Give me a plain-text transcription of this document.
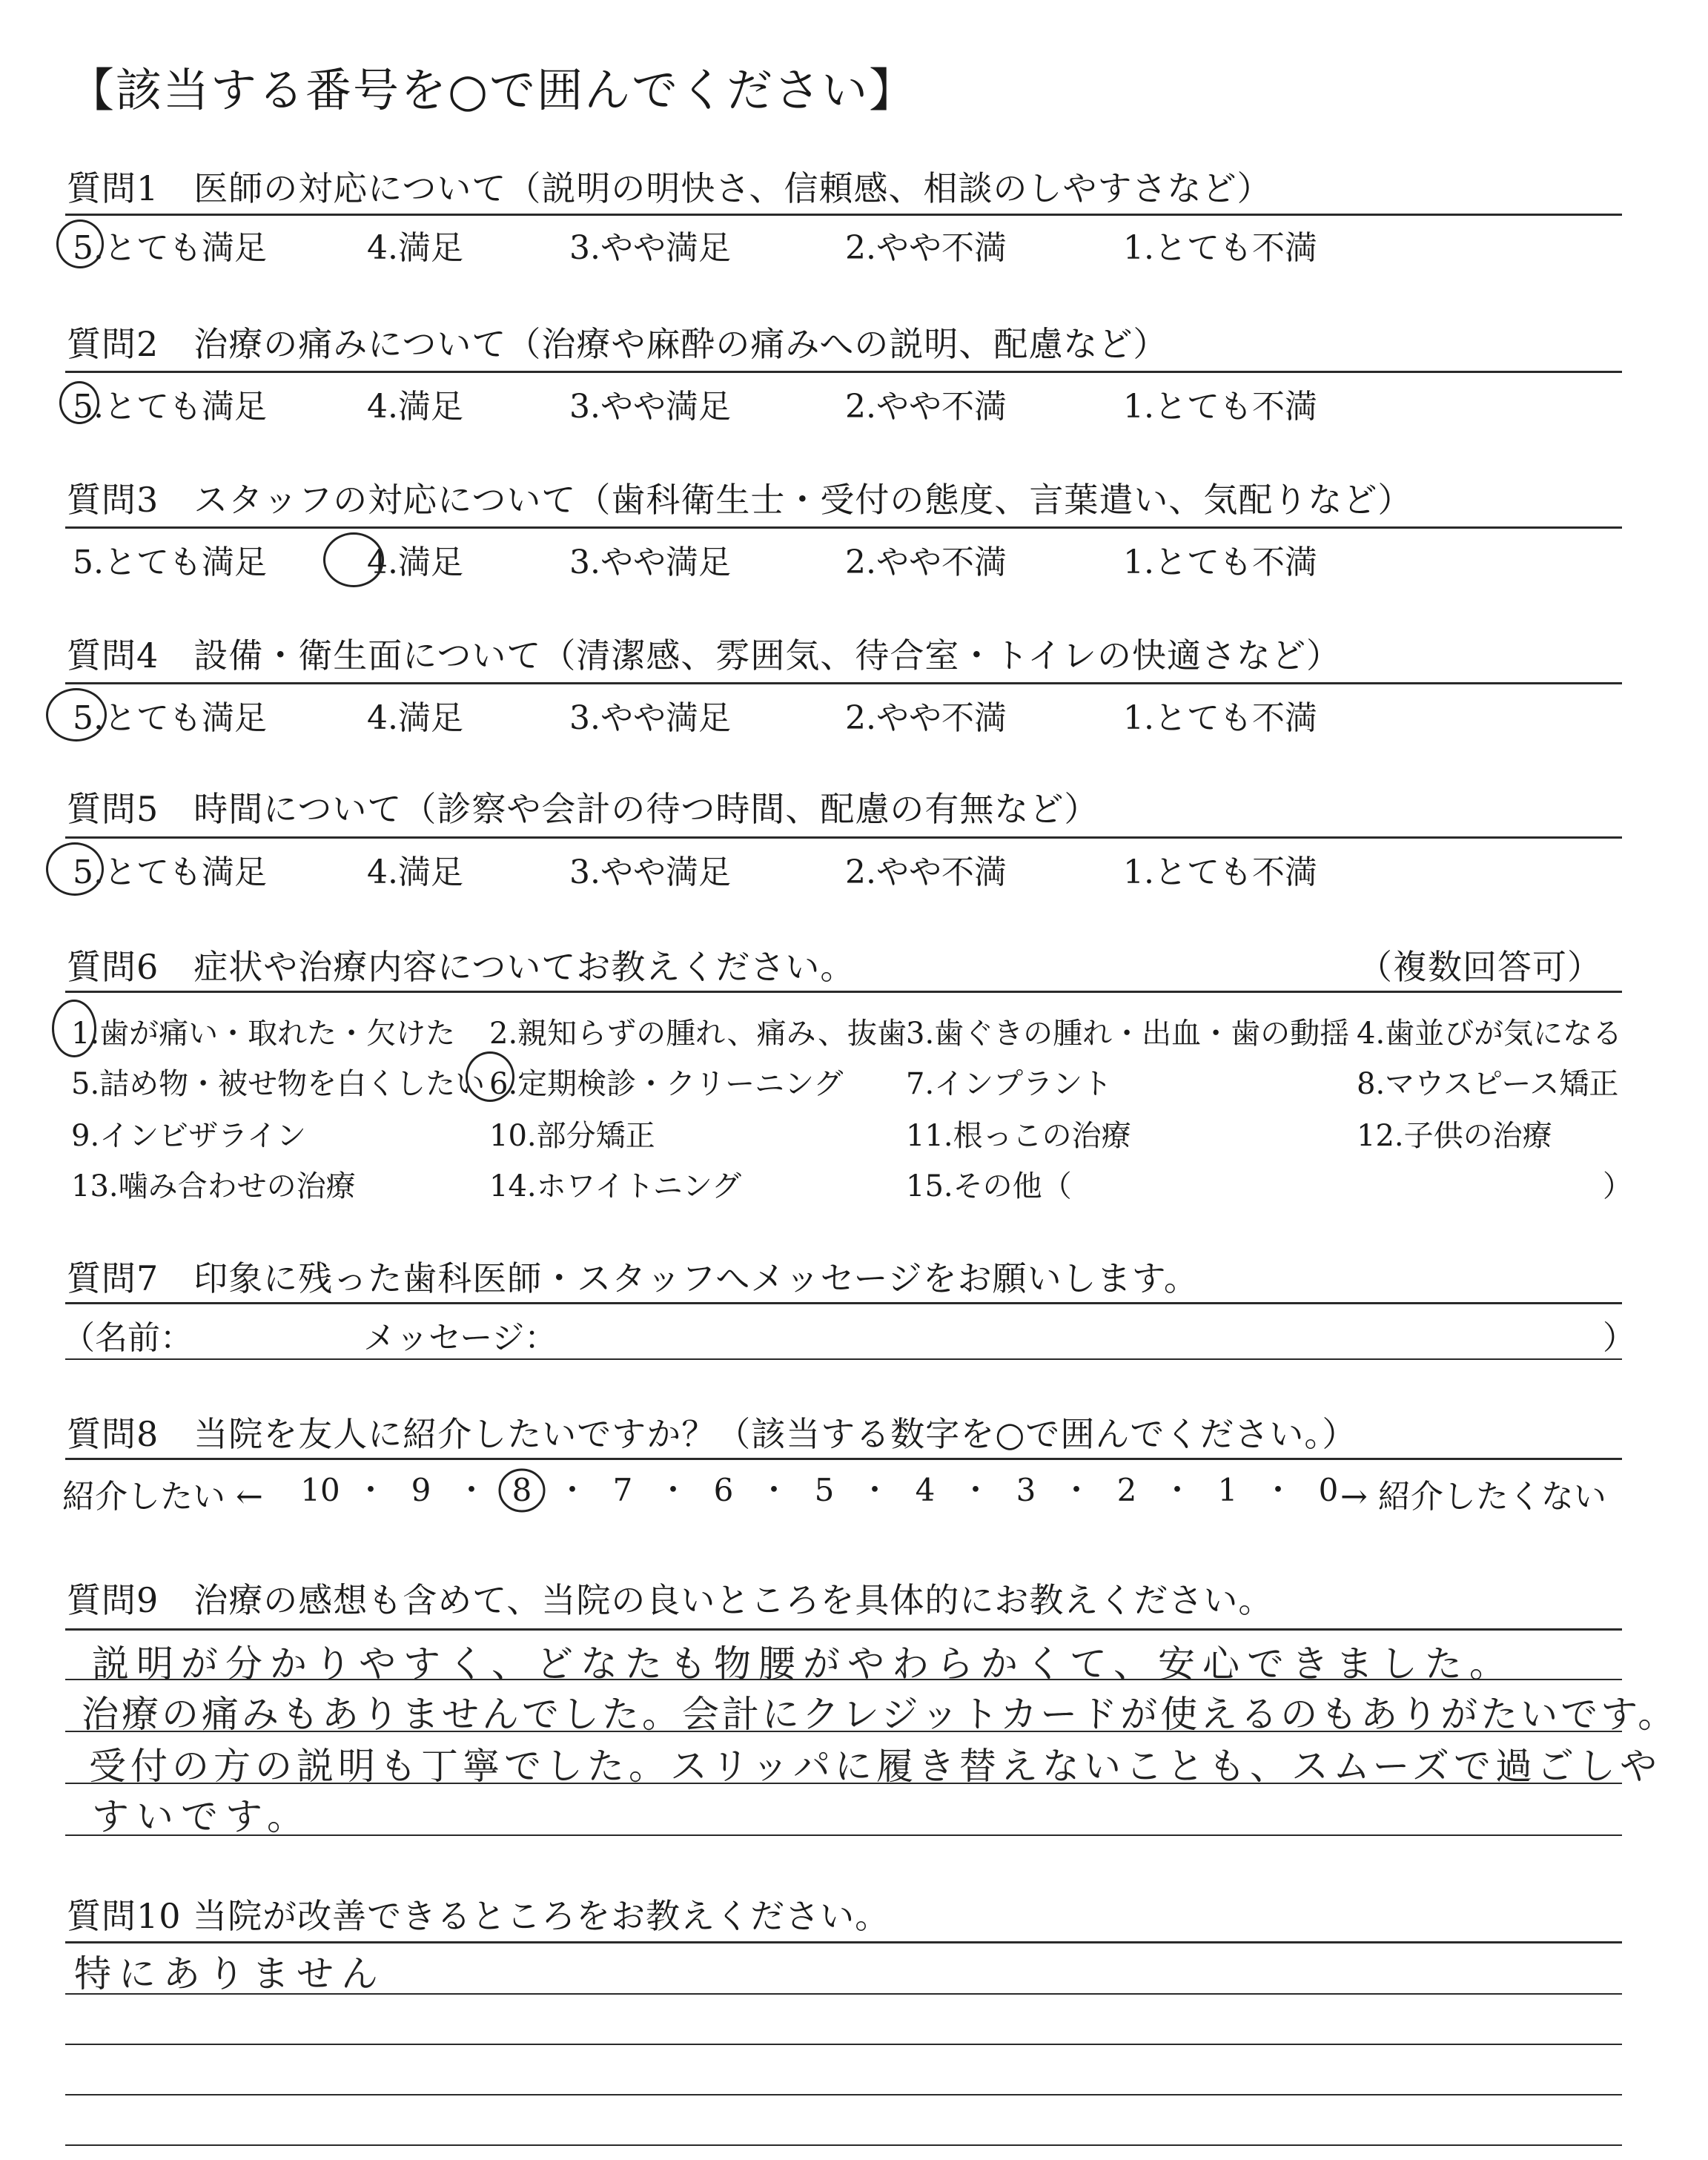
【該当する番号を○で囲んでください】
質問1　医師の対応について（説明の明快さ、信頼感、相談のしやすさなど）
5.とても満足	4.満足	3.やや満足	2.やや不満	1.とても不満
質問2　治療の痛みについて（治療や麻酔の痛みへの説明、配慮など）
5.とても満足	4.満足	3.やや満足	2.やや不満	1.とても不満
質問3　スタッフの対応について（歯科衛生士・受付の態度、言葉遣い、気配りなど）
5.とても満足	4.満足	3.やや満足	2.やや不満	1.とても不満
質問4　設備・衛生面について（清潔感、雰囲気、待合室・トイレの快適さなど）
5.とても満足	4.満足	3.やや満足	2.やや不満	1.とても不満
質問5　時間について（診察や会計の待つ時間、配慮の有無など）
5.とても満足	4.満足	3.やや満足	2.やや不満	1.とても不満
質問6　症状や治療内容についてお教えください。	（複数回答可）
1.歯が痛い・取れた・欠けた 2.親知らずの腫れ、痛み、抜歯 3.歯ぐきの腫れ・出血・歯の動揺 4.歯並びが気になる
5.詰め物・被せ物を白くしたい 6.定期検診・クリーニング 7.インプラント	8.マウスピース矯正
9.インビザライン	10.部分矯正	11.根っこの治療	12.子供の治療
13.噛み合わせの治療	14.ホワイトニング	15.その他（	）
質問7　印象に残った歯科医師・スタッフへメッセージをお願いします。
（名前：	メッセージ：	）
質問8　当院を友人に紹介したいですか？（該当する数字を○で囲んでください。）
紹介したい ←	→ 紹介したくない
10 ・ 9 ・ 8 ・ 7 ・ 6 ・ 5 ・ 4 ・ 3 ・ 2 ・ 1 ・ 0
質問9　治療の感想も含めて、当院の良いところを具体的にお教えください。
説明が分かりやすく、どなたも物腰がやわらかくて、安心できました。
治療の痛みもありませんでした。会計にクレジットカードが使えるのもありがたいです。
受付の方の説明も丁寧でした。スリッパに履き替えないことも、スムーズで過ごしや
すいです。
質問10 当院が改善できるところをお教えください。
特にありません
